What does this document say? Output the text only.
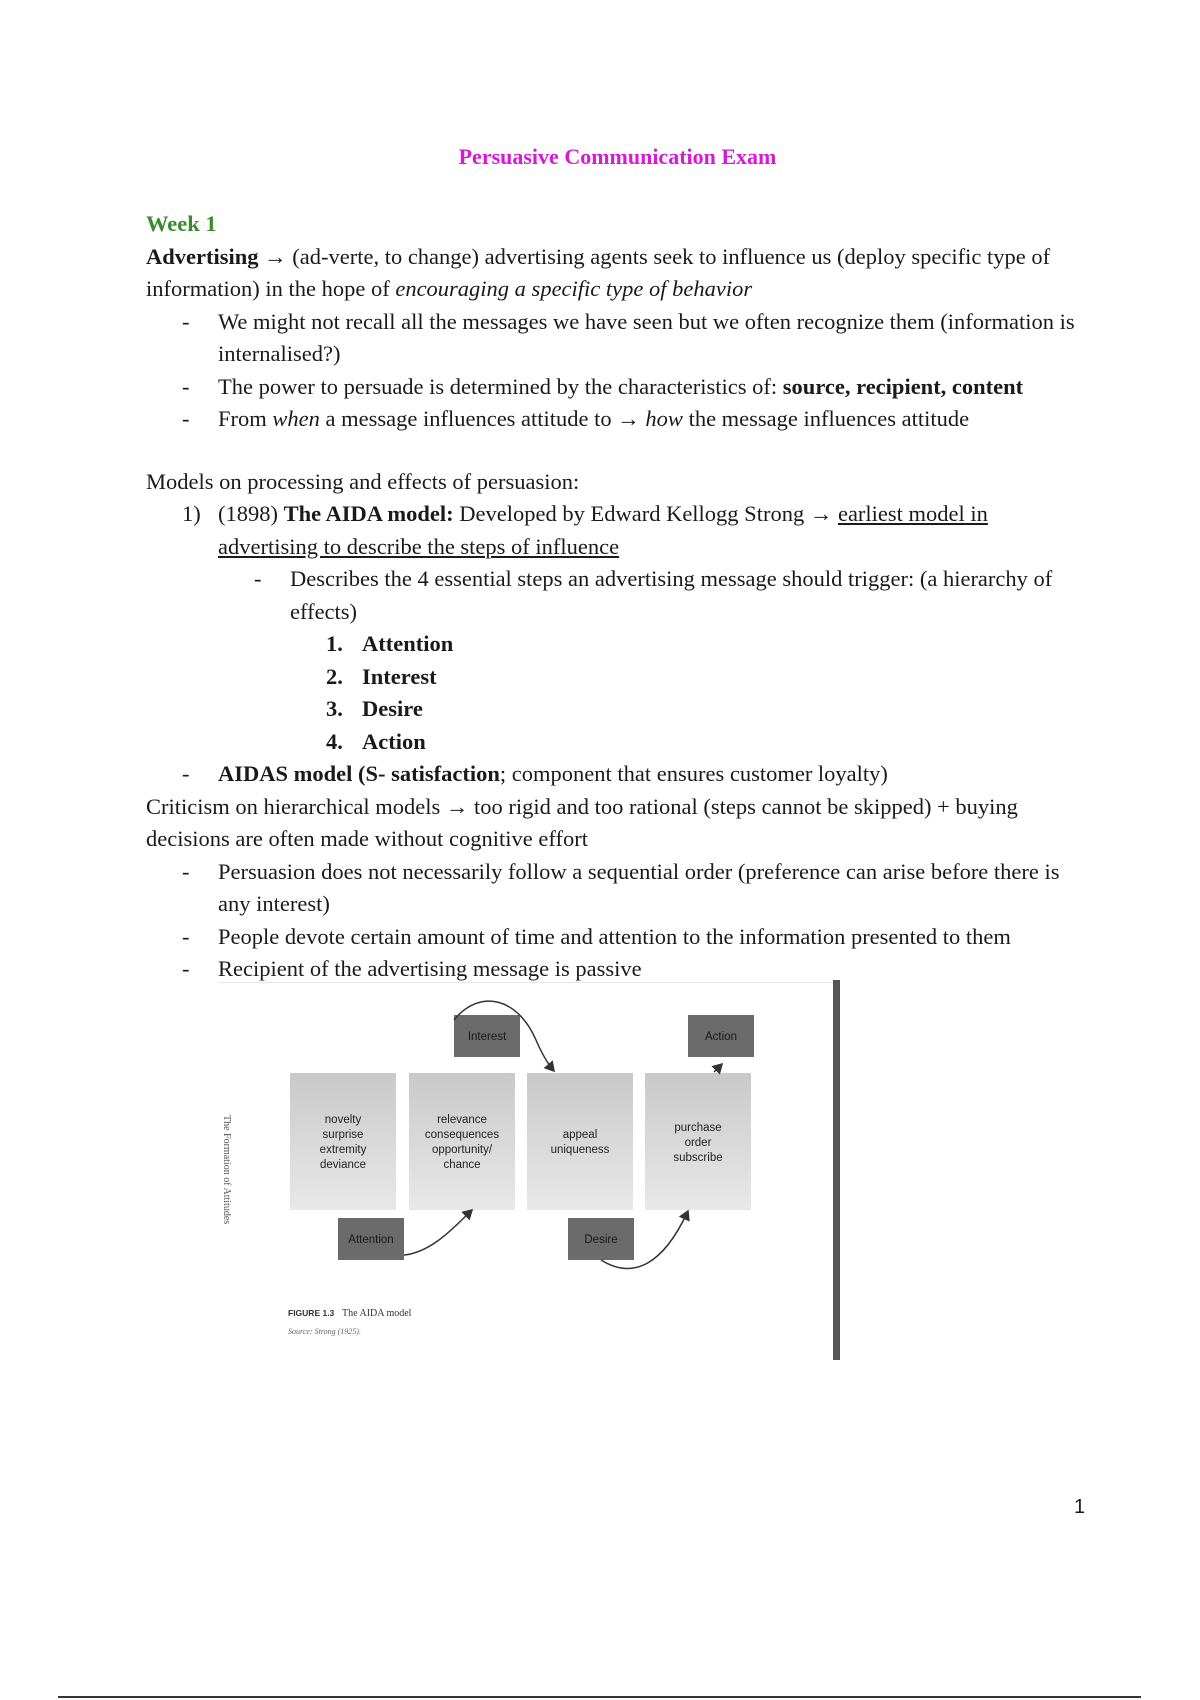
Persuasive Communication Exam

Week 1

Advertising → (ad-verte, to change) advertising agents seek to influence us (deploy specific type of information) in the hope of encouraging a specific type of behavior

- We might not recall all the messages we have seen but we often recognize them (information is internalised?)
- The power to persuade is determined by the characteristics of: source, recipient, content
- From when a message influences attitude to → how the message influences attitude

Models on processing and effects of persuasion:

1) (1898) The AIDA model: Developed by Edward Kellogg Strong → earliest model in advertising to describe the steps of influence
- Describes the 4 essential steps an advertising message should trigger: (a hierarchy of effects)
1. Attention
2. Interest
3. Desire
4. Action
- AIDAS model (S- satisfaction; component that ensures customer loyalty)

Criticism on hierarchical models → too rigid and too rational (steps cannot be skipped) + buying decisions are often made without cognitive effort

- Persuasion does not necessarily follow a sequential order (preference can arise before there is any interest)
- People devote certain amount of time and attention to the information presented to them
- Recipient of the advertising message is passive
The Formation of Attitudes	novelty
surprise
extremity
deviance
relevance
consequences
opportunity/
chance
appeal
uniqueness
purchase
order
subscribe
Interest	Action
Attention	Desire
FIGURE 1.3 The AIDA model
Source: Strong (1925).
1
